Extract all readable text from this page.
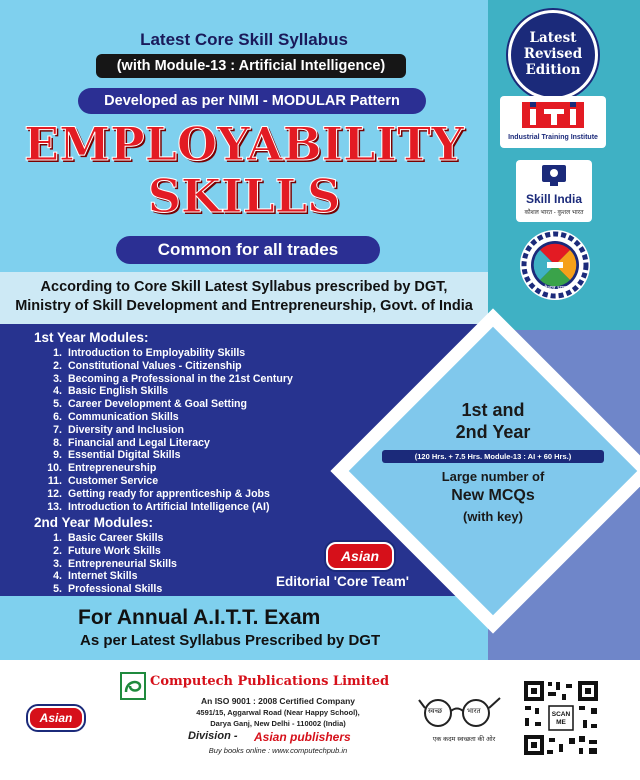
Latest Core Skill Syllabus
(with Module-13 : Artificial Intelligence)
Developed as per NIMI - MODULAR Pattern
EMPLOYABILITY
SKILLS
Common for all trades
According to Core Skill Latest Syllabus prescribed by DGT,
Ministry of Skill Development and Entrepreneurship, Govt. of India
1st and
2nd Year
(120 Hrs. + 7.5 Hrs. Module-13 : AI + 60 Hrs.)
Large number of
New MCQs
(with key)
1st Year Modules:
1. Introduction to Employability Skills
2. Constitutional Values - Citizenship
3. Becoming a Professional in the 21st Century
4. Basic English Skills
5. Career Development & Goal Setting
6. Communication Skills
7. Diversity and Inclusion
8. Financial and Legal Literacy
9. Essential Digital Skills
10. Entrepreneurship
11. Customer Service
12. Getting ready for apprenticeship & Jobs
13. Introduction to Artificial Intelligence (AI)
2nd Year Modules:
1. Basic Career Skills
2. Future Work Skills
3. Entrepreneurial Skills
4. Internet Skills
5. Professional Skills
Asian
Editorial 'Core Team'
For Annual A.I.T.T. Exam
As per Latest Syllabus Prescribed by DGT
Latest
Revised
Edition
Industrial Training Institute
Skill India
कौशल भारत - कुशल भारत
कौशल भारत
Asian
Computech Publications Limited
An ISO 9001 : 2008 Certified Company
4591/15, Aggarwal Road (Near Happy School),
Darya Ganj, New Delhi - 110002 (India)
Division - Asian publishers
Buy books online : www.computechpub.in
स्वच्छ	भारत
एक कदम स्वच्छता की ओर
SCAN ME
